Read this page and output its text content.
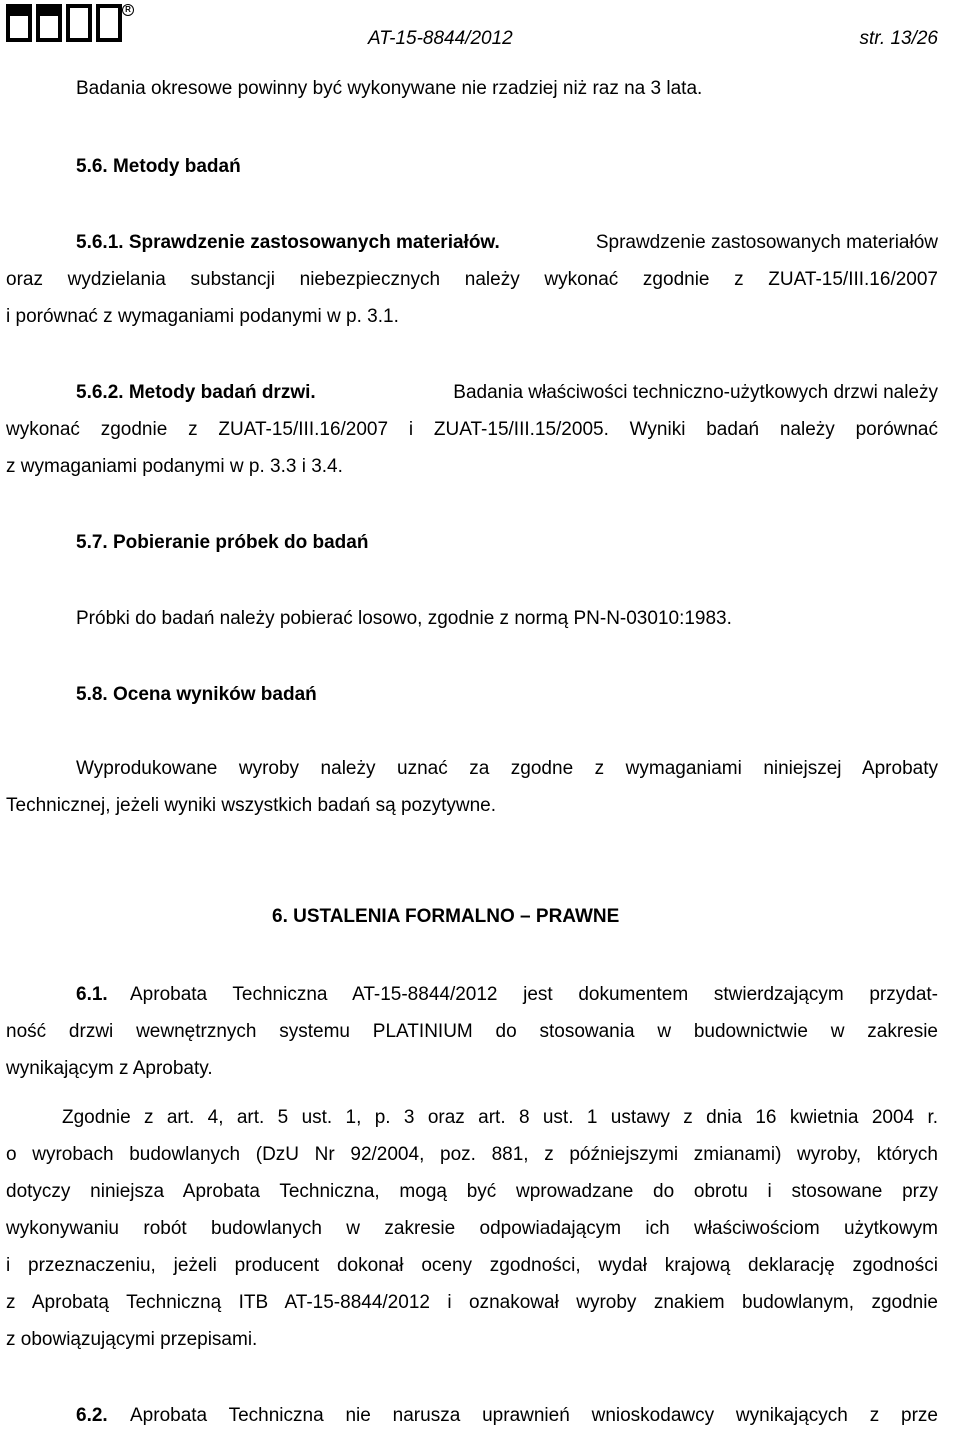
R
AT-15-8844/2012	str. 13/26
Badania okresowe powinny być wykonywane nie rzadziej niż raz na 3 lata.
5.6. Metody badań
5.6.1. Sprawdzenie zastosowanych materiałów.	Sprawdzenie zastosowanych materiałów
oraz wydzielania substancji niebezpiecznych należy wykonać zgodnie z ZUAT-15/III.16/2007
i porównać z wymaganiami podanymi w p. 3.1.
5.6.2. Metody badań drzwi.	Badania właściwości techniczno-użytkowych drzwi należy
wykonać zgodnie z ZUAT-15/III.16/2007 i ZUAT-15/III.15/2005. Wyniki badań należy porównać
z wymaganiami podanymi w p. 3.3 i 3.4.
5.7. Pobieranie próbek do badań
Próbki do badań należy pobierać losowo, zgodnie z normą PN-N-03010:1983.
5.8. Ocena wyników badań
Wyprodukowane wyroby należy uznać za zgodne z wymaganiami niniejszej Aprobaty
Technicznej, jeżeli wyniki wszystkich badań są pozytywne.
6. USTALENIA FORMALNO – PRAWNE
6.1.	Aprobata Techniczna AT-15-8844/2012 jest dokumentem stwierdzającym przydat-
ność drzwi wewnętrznych systemu PLATINIUM do stosowania w budownictwie w zakresie
wynikającym z Aprobaty.
Zgodnie z art. 4, art. 5 ust. 1, p. 3 oraz art. 8 ust. 1 ustawy z dnia 16 kwietnia 2004 r.
o wyrobach budowlanych (DzU Nr 92/2004, poz. 881, z późniejszymi zmianami) wyroby, których
dotyczy niniejsza Aprobata Techniczna, mogą być wprowadzane do obrotu i stosowane przy
wykonywaniu robót budowlanych w zakresie odpowiadającym ich właściwościom użytkowym
i przeznaczeniu, jeżeli producent dokonał oceny zgodności, wydał krajową deklarację zgodności
z Aprobatą Techniczną ITB AT-15-8844/2012 i oznakował wyroby znakiem budowlanym, zgodnie
z obowiązującymi przepisami.
6.2.	Aprobata Techniczna nie narusza uprawnień wnioskodawcy wynikających z prze
